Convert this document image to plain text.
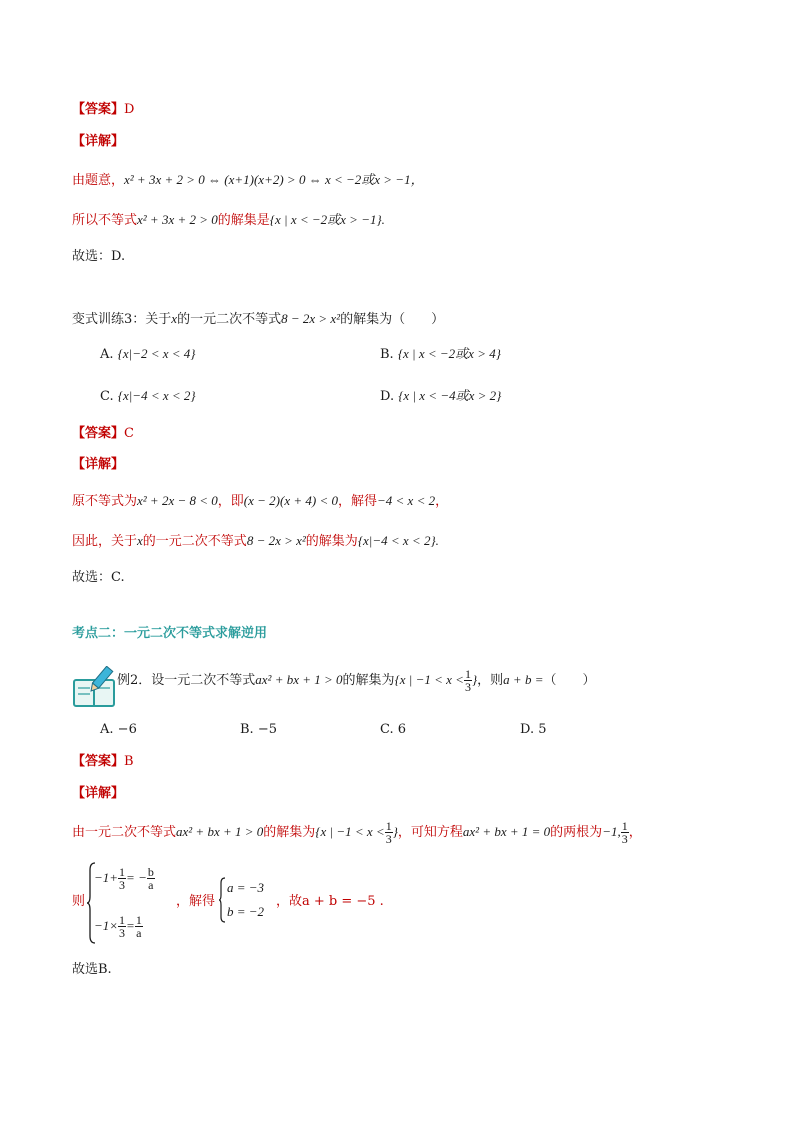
【答案】D
【详解】
由题意，x² + 3x + 2 > 0 ⇔ (x+1)(x+2) > 0 ⇔ x < −2或x > −1，
所以不等式x² + 3x + 2 > 0的解集是{x | x < −2或x > −1}.
故选：D.
变式训练3：关于x的一元二次不等式8 − 2x > x²的解集为（　　）
A. {x|−2 < x < 4}	B. {x | x < −2或x > 4}
C. {x|−4 < x < 2}	D. {x | x < −4或x > 2}
【答案】C
【详解】
原不等式为x² + 2x − 8 < 0，即(x − 2)(x + 4) < 0，解得−4 < x < 2，
因此，关于x的一元二次不等式8 − 2x > x²的解集为{x|−4 < x < 2}.
故选：C.
考点二：一元二次不等式求解逆用
例2．设一元二次不等式ax² + bx + 1 > 0的解集为{x | $-1 < x < \frac{1}{3}$ }，则a + b =（　　）
A. −6	B. −5	C. 6	D. 5
【答案】B
【详解】
由一元二次不等式ax² + bx + 1 > 0的解集为{x | $-1 < x < \frac{1}{3}$ }，可知方程ax² + bx + 1 = 0的两根为−1, $\frac{1}{3}$ ，
则
$-1+ \frac{1}{3}$ = − $\frac{b}{a}$
$-1\times \frac{1}{3} = \frac{1}{a}$
，解得
a = −3
b = −2
，故a + b = −5 .
故选B.
